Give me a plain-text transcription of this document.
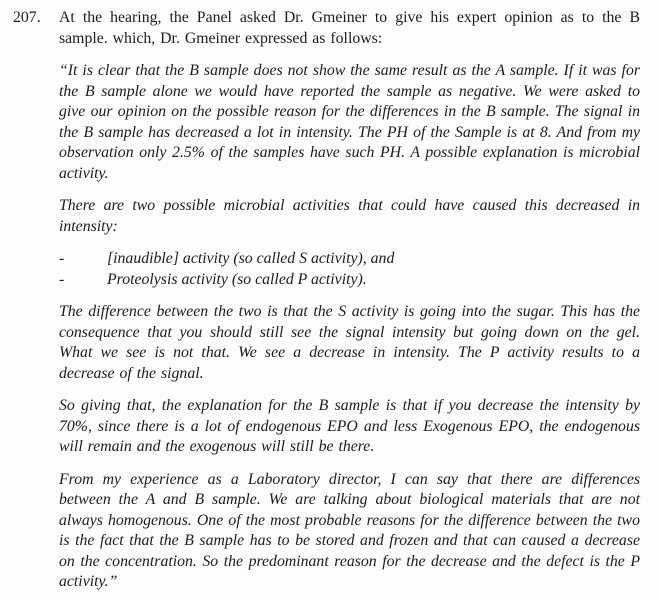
207.	At the hearing, the Panel asked Dr. Gmeiner to give his expert opinion as to the B sample. which, Dr. Gmeiner expressed as follows:

“It is clear that the B sample does not show the same result as the A sample. If it was for the B sample alone we would have reported the sample as negative. We were asked to give our opinion on the possible reason for the differences in the B sample. The signal in the B sample has decreased a lot in intensity. The PH of the Sample is at 8. And from my observation only 2.5% of the samples have such PH. A possible explanation is microbial activity.

There are two possible microbial activities that could have caused this decreased in intensity:

-	[inaudible] activity (so called S activity), and
-	Proteolysis activity (so called P activity).

The difference between the two is that the S activity is going into the sugar. This has the consequence that you should still see the signal intensity but going down on the gel. What we see is not that. We see a decrease in intensity. The P activity results to a decrease of the signal.

So giving that, the explanation for the B sample is that if you decrease the intensity by 70%, since there is a lot of endogenous EPO and less Exogenous EPO, the endogenous will remain and the exogenous will still be there.

From my experience as a Laboratory director, I can say that there are differences between the A and B sample. We are talking about biological materials that are not always homogenous. One of the most probable reasons for the difference between the two is the fact that the B sample has to be stored and frozen and that can caused a decrease on the concentration. So the predominant reason for the decrease and the defect is the P activity.”
